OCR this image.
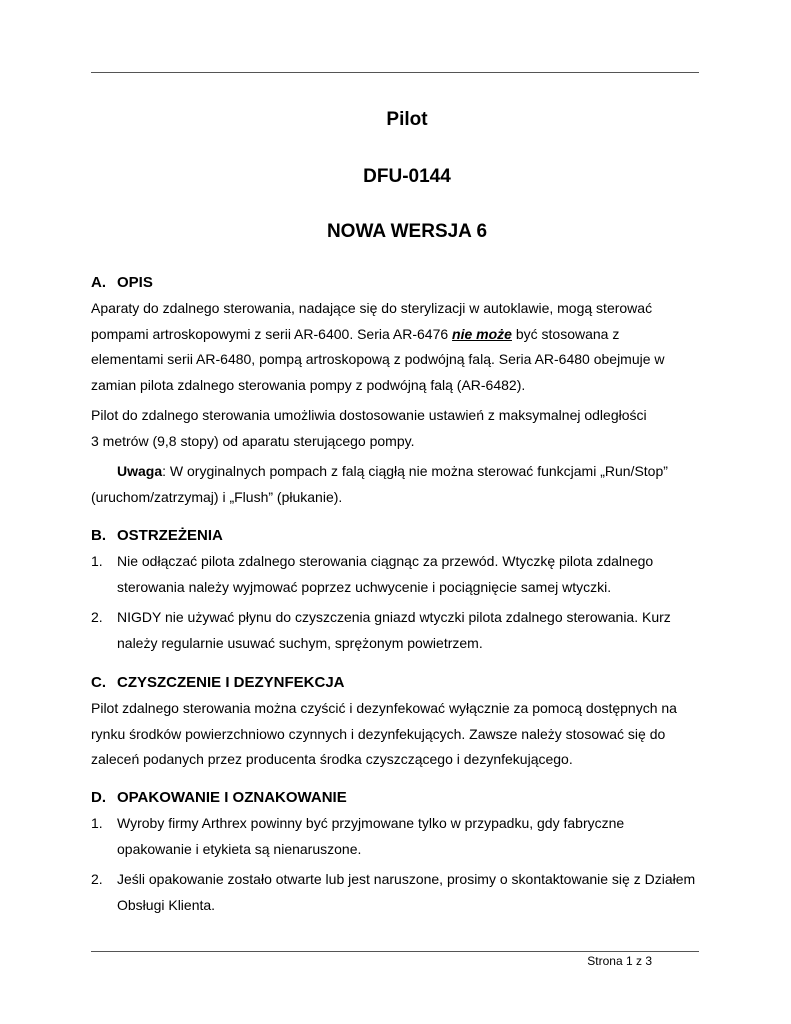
Pilot
DFU-0144
NOWA WERSJA 6
A. OPIS

Aparaty do zdalnego sterowania, nadające się do sterylizacji w autoklawie, mogą sterować pompami artroskopowymi z serii AR-6400. Seria AR-6476 nie może być stosowana z elementami serii AR-6480, pompą artroskopową z podwójną falą. Seria AR-6480 obejmuje w zamian pilota zdalnego sterowania pompy z podwójną falą (AR-6482).

Pilot do zdalnego sterowania umożliwia dostosowanie ustawień z maksymalnej odległości
3 metrów (9,8 stopy) od aparatu sterującego pompy.

Uwaga: W oryginalnych pompach z falą ciągłą nie można sterować funkcjami „Run/Stop” (uruchom/zatrzymaj) i „Flush” (płukanie).

B. OSTRZEŻENIA
1. Nie odłączać pilota zdalnego sterowania ciągnąc za przewód. Wtyczkę pilota zdalnego sterowania należy wyjmować poprzez uchwycenie i pociągnięcie samej wtyczki.
2. NIGDY nie używać płynu do czyszczenia gniazd wtyczki pilota zdalnego sterowania. Kurz należy regularnie usuwać suchym, sprężonym powietrzem.
C. CZYSZCZENIE I DEZYNFEKCJA

Pilot zdalnego sterowania można czyścić i dezynfekować wyłącznie za pomocą dostępnych na rynku środków powierzchniowo czynnych i dezynfekujących. Zawsze należy stosować się do zaleceń podanych przez producenta środka czyszczącego i dezynfekującego.

D. OPAKOWANIE I OZNAKOWANIE
1. Wyroby firmy Arthrex powinny być przyjmowane tylko w przypadku, gdy fabryczne opakowanie i etykieta są nienaruszone.
2. Jeśli opakowanie zostało otwarte lub jest naruszone, prosimy o skontaktowanie się z Działem Obsługi Klienta.
Strona 1 z 3
